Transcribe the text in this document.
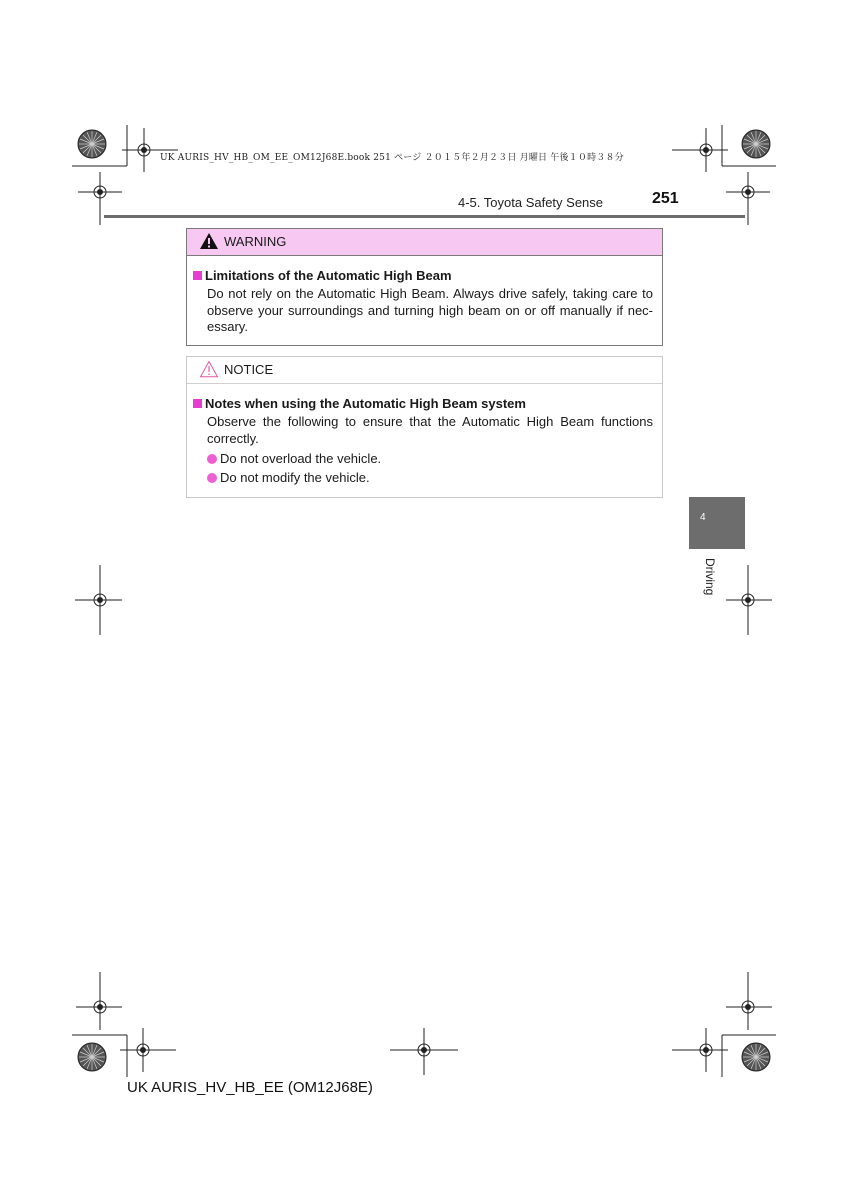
UK AURIS_HV_HB_OM_EE_OM12J68E.book 251 ページ ２０１５年２月２３日 月曜日 午後１０時３８分
4-5. Toyota Safety Sense	251
WARNING
Limitations of the Automatic High Beam
Do not rely on the Automatic High Beam. Always drive safely, taking care to observe your surroundings and turning high beam on or off manually if nec-essary.
NOTICE
Notes when using the Automatic High Beam system
Observe the following to ensure that the Automatic High Beam functions correctly.
Do not overload the vehicle.
Do not modify the vehicle.
4
Driving
UK AURIS_HV_HB_EE (OM12J68E)
